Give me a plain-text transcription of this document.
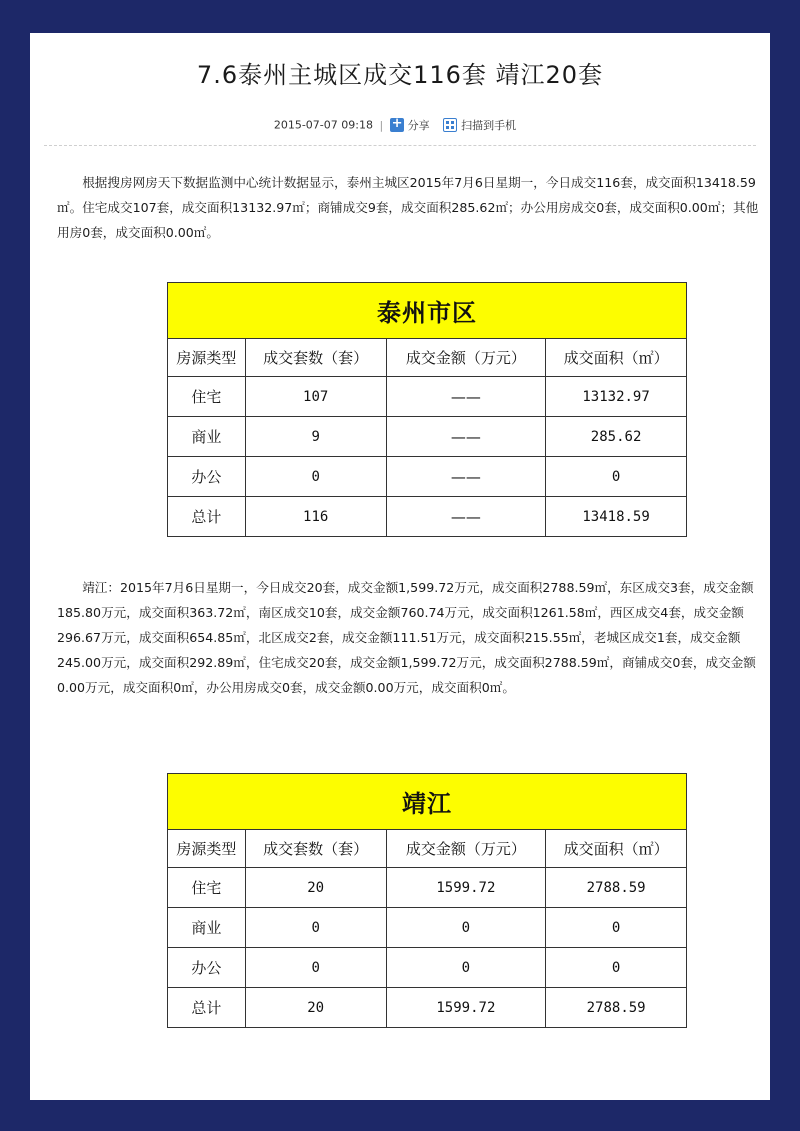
7.6泰州主城区成交116套 靖江20套
2015-07-07 09:18 | + 分享	扫描到手机

根据搜房网房天下数据监测中心统计数据显示，泰州主城区2015年7月6日星期一，今日成交116套，成交面积13418.59㎡。住宅成交107套，成交面积13132.97㎡；商铺成交9套，成交面积285.62㎡；办公用房成交0套，成交面积0.00㎡；其他用房0套，成交面积0.00㎡。

泰州市区			
房源类型	成交套数（套）	成交金额（万元）	成交面积（㎡）
住宅	107	——	13132.97
商业	9	——	285.62
办公	0	——	0
总计	116	——	13418.59

靖江：2015年7月6日星期一，今日成交20套，成交金额1,599.72万元，成交面积2788.59㎡，东区成交3套，成交金额185.80万元，成交面积363.72㎡，南区成交10套，成交金额760.74万元，成交面积1261.58㎡，西区成交4套，成交金额296.67万元，成交面积654.85㎡，北区成交2套，成交金额111.51万元，成交面积215.55㎡，老城区成交1套，成交金额245.00万元，成交面积292.89㎡，住宅成交20套，成交金额1,599.72万元，成交面积2788.59㎡，商铺成交0套，成交金额0.00万元，成交面积0㎡，办公用房成交0套，成交金额0.00万元，成交面积0㎡。

靖江			
房源类型	成交套数（套）	成交金额（万元）	成交面积（㎡）
住宅	20	1599.72	2788.59
商业	0	0	0
办公	0	0	0
总计	20	1599.72	2788.59
